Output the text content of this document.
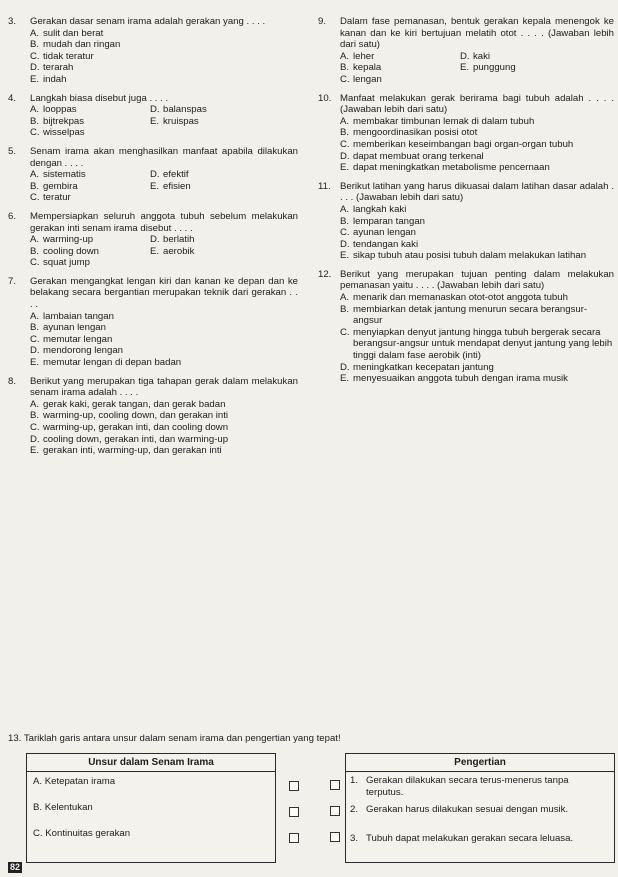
3.	Gerakan dasar senam irama adalah gerakan yang . . . .
A. sulit dan berat
B. mudah dan ringan
C. tidak teratur
D. terarah
E. indah
4.	Langkah biasa disebut juga . . . .
A. looppas	D. balanspas
B. bijtrekpas	E. kruispas
C. wisselpas
5.	Senam irama akan menghasilkan manfaat apabila dilakukan dengan . . . .
A. sistematis	D. efektif
B. gembira	E. efisien
C. teratur
6.	Mempersiapkan seluruh anggota tubuh sebelum melakukan gerakan inti senam irama disebut . . . .
A. warming-up	D. berlatih
B. cooling down	E. aerobik
C. squat jump
7.	Gerakan mengangkat lengan kiri dan kanan ke depan dan ke belakang secara bergantian merupakan teknik dari gerakan . . . .
A. lambaian tangan
B. ayunan lengan
C. memutar lengan
D. mendorong lengan
E. memutar lengan di depan badan
8.	Berikut yang merupakan tiga tahapan gerak dalam melakukan senam irama adalah . . . .
A. gerak kaki, gerak tangan, dan gerak badan
B. warming-up, cooling down, dan gerakan inti
C. warming-up, gerakan inti, dan cooling down
D. cooling down, gerakan inti, dan warming-up
E. gerakan inti, warming-up, dan gerakan inti
9.	Dalam fase pemanasan, bentuk gerakan kepala menengok ke kanan dan ke kiri bertujuan melatih otot . . . . (Jawaban lebih dari satu)
A. leher	D. kaki
B. kepala	E. punggung
C. lengan
10. Manfaat melakukan gerak berirama bagi tubuh adalah . . . . (Jawaban lebih dari satu)
A. membakar timbunan lemak di dalam tubuh
B. mengoordinasikan posisi otot
C. memberikan keseimbangan bagi organ-organ tubuh
D. dapat membuat orang terkenal
E. dapat meningkatkan metabolisme pencernaan
11. Berikut latihan yang harus dikuasai dalam latihan dasar adalah . . . . (Jawaban lebih dari satu)
A. langkah kaki
B. lemparan tangan
C. ayunan lengan
D. tendangan kaki
E. sikap tubuh atau posisi tubuh dalam melakukan latihan
12. Berikut yang merupakan tujuan penting dalam melakukan pemanasan yaitu . . . . (Jawaban lebih dari satu)
A. menarik dan memanaskan otot-otot anggota tubuh
B. membiarkan detak jantung menurun secara berangsur-angsur
C. menyiapkan denyut jantung hingga tubuh bergerak secara berangsur-angsur untuk mendapat denyut jantung yang lebih tinggi dalam fase aerobik (inti)
D. meningkatkan kecepatan jantung
E. menyesuaikan anggota tubuh dengan irama musik
13. Tariklah garis antara unsur dalam senam irama dan pengertian yang tepat!
Unsur dalam Senam Irama
A. Ketepatan irama
B. Kelentukan
C. Kontinuitas gerakan
Pengertian
1. Gerakan dilakukan secara terus-menerus tanpa terputus.
2. Gerakan harus dilakukan sesuai dengan musik.
3. Tubuh dapat melakukan gerakan secara leluasa.
82
